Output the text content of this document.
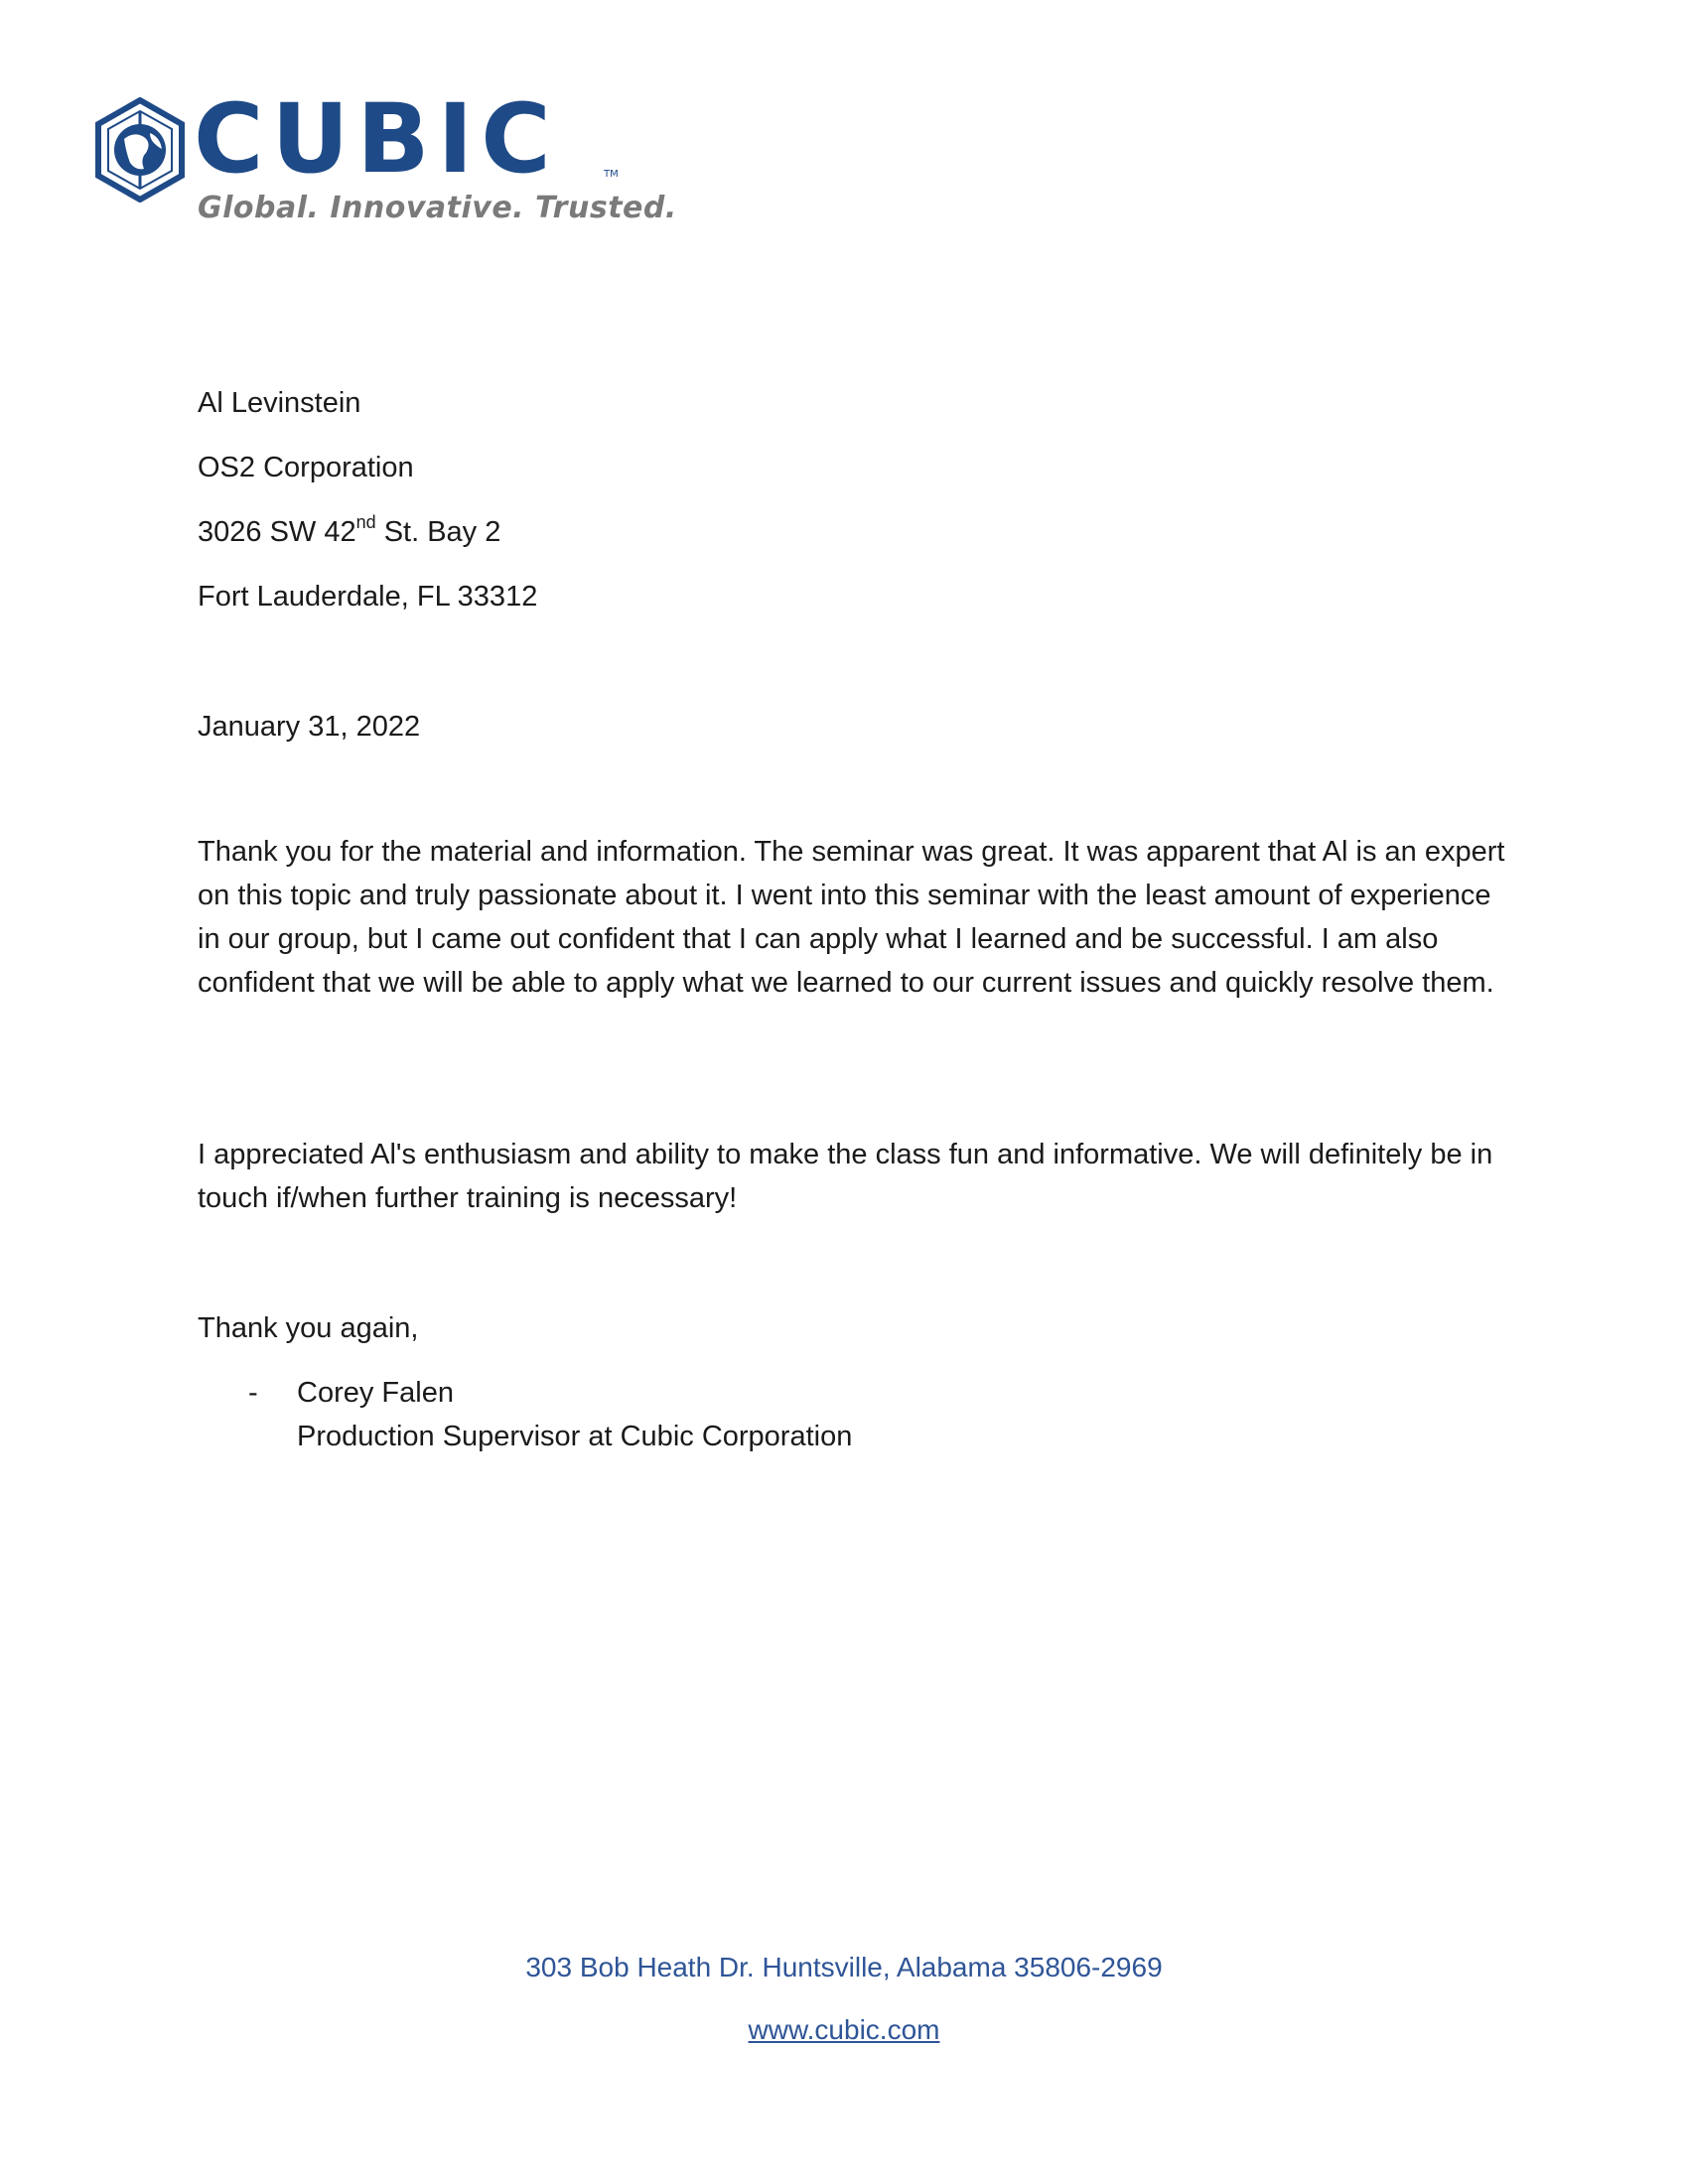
CUBIC
Global. Innovative. Trusted.
TM
Al Levinstein
OS2 Corporation
3026 SW 42nd St. Bay 2
Fort Lauderdale, FL 33312
January 31, 2022

Thank you for the material and information. The seminar was great. It was apparent that Al is an expert on this topic and truly passionate about it. I went into this seminar with the least amount of experience in our group, but I came out confident that I can apply what I learned and be successful. I am also confident that we will be able to apply what we learned to our current issues and quickly resolve them.

I appreciated Al's enthusiasm and ability to make the class fun and informative. We will definitely be in touch if/when further training is necessary!

Thank you again,
- Corey Falen
Production Supervisor at Cubic Corporation
303 Bob Heath Dr. Huntsville, Alabama 35806-2969
www.cubic.com
